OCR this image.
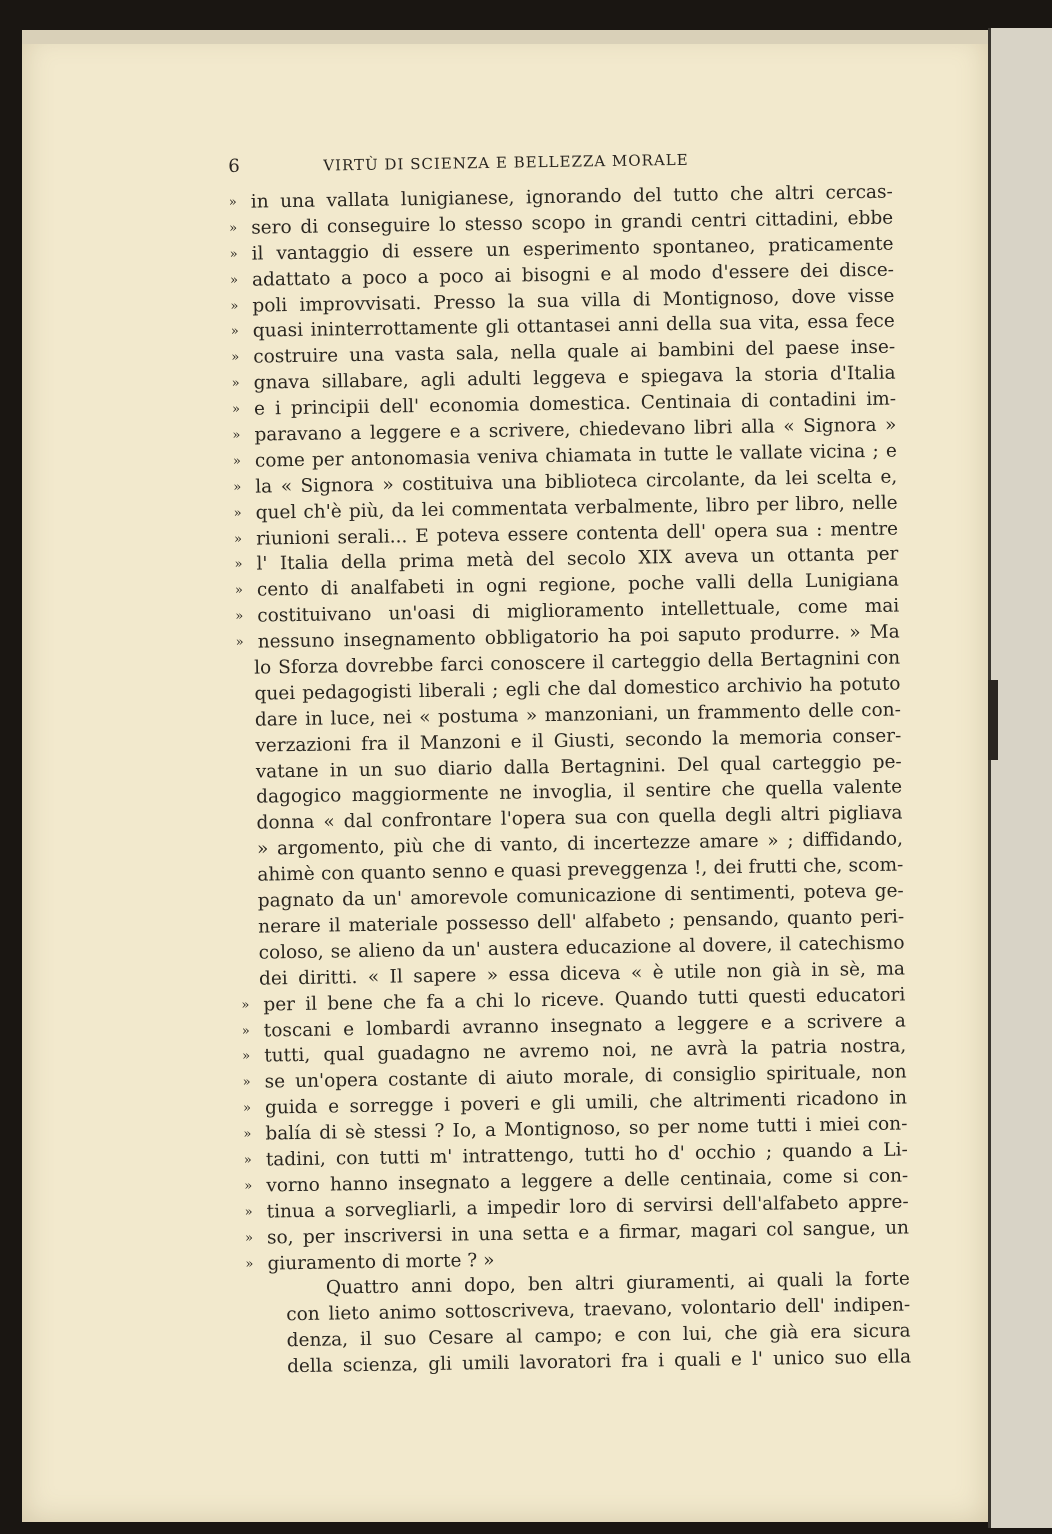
6	VIRTÙ DI SCIENZA E BELLEZZA MORALE
» in una vallata lunigianese, ignorando del tutto che altri cercas-
» sero di conseguire lo stesso scopo in grandi centri cittadini, ebbe
» il vantaggio di essere un esperimento spontaneo, praticamente
» adattato a poco a poco ai bisogni e al modo d'essere dei disce-
» poli improvvisati. Presso la sua villa di Montignoso, dove visse
» quasi ininterrottamente gli ottantasei anni della sua vita, essa fece
» costruire una vasta sala, nella quale ai bambini del paese inse-
» gnava sillabare, agli adulti leggeva e spiegava la storia d'Italia
» e i principii dell' economia domestica. Centinaia di contadini im-
» paravano a leggere e a scrivere, chiedevano libri alla « Signora »
» come per antonomasia veniva chiamata in tutte le vallate vicina ; e
» la « Signora » costituiva una biblioteca circolante, da lei scelta e,
» quel ch'è più, da lei commentata verbalmente, libro per libro, nelle
» riunioni serali... E poteva essere contenta dell' opera sua : mentre
» l' Italia della prima metà del secolo XIX aveva un ottanta per
» cento di analfabeti in ogni regione, poche valli della Lunigiana
» costituivano un'oasi di miglioramento intellettuale, come mai
» nessuno insegnamento obbligatorio ha poi saputo produrre. » Ma
lo Sforza dovrebbe farci conoscere il carteggio della Bertagnini con
quei pedagogisti liberali ; egli che dal domestico archivio ha potuto
dare in luce, nei « postuma » manzoniani, un frammento delle con-
verzazioni fra il Manzoni e il Giusti, secondo la memoria conser-
vatane in un suo diario dalla Bertagnini. Del qual carteggio pe-
dagogico maggiormente ne invoglia, il sentire che quella valente
donna « dal confrontare l'opera sua con quella degli altri pigliava
» argomento, più che di vanto, di incertezze amare » ; diffidando,
ahimè con quanto senno e quasi preveggenza !, dei frutti che, scom-
pagnato da un' amorevole comunicazione di sentimenti, poteva ge-
nerare il materiale possesso dell' alfabeto ; pensando, quanto peri-
coloso, se alieno da un' austera educazione al dovere, il catechismo
dei diritti. « Il sapere » essa diceva « è utile non già in sè, ma
» per il bene che fa a chi lo riceve. Quando tutti questi educatori
» toscani e lombardi avranno insegnato a leggere e a scrivere a
» tutti, qual guadagno ne avremo noi, ne avrà la patria nostra,
» se un'opera costante di aiuto morale, di consiglio spirituale, non
» guida e sorregge i poveri e gli umili, che altrimenti ricadono in
» balía di sè stessi ? Io, a Montignoso, so per nome tutti i miei con-
» tadini, con tutti m' intrattengo, tutti ho d' occhio ; quando a Li-
» vorno hanno insegnato a leggere a delle centinaia, come si con-
» tinua a sorvegliarli, a impedir loro di servirsi dell'alfabeto appre-
» so, per inscriversi in una setta e a firmar, magari col sangue, un
» giuramento di morte ? »
Quattro anni dopo, ben altri giuramenti, ai quali la forte
con lieto animo sottoscriveva, traevano, volontario dell' indipen-
denza, il suo Cesare al campo; e con lui, che già era sicura
della scienza, gli umili lavoratori fra i quali e l' unico suo ella
